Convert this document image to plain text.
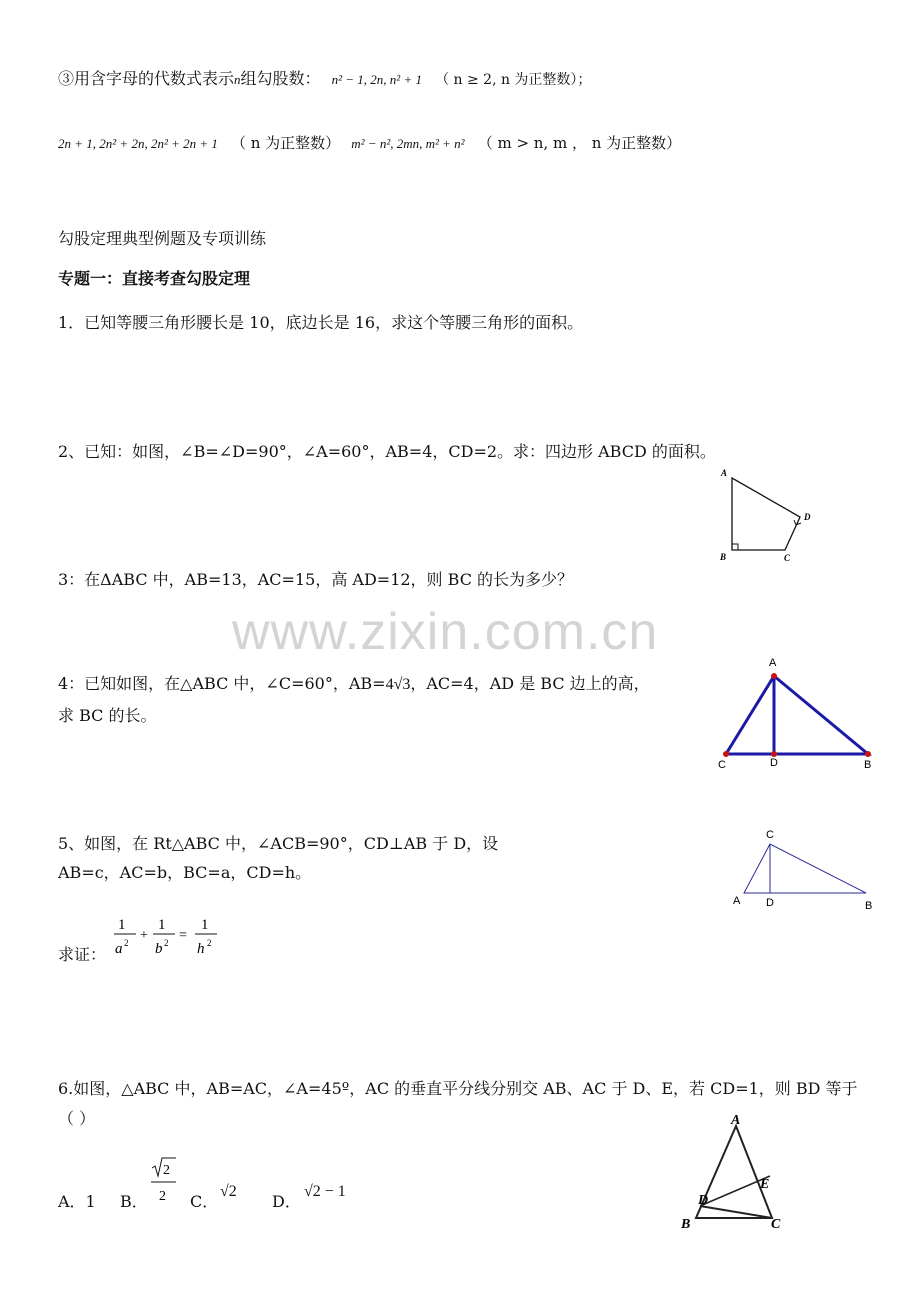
③用含字母的代数式表示n组勾股数： n² − 1, 2n, n² + 1 （ n ≥ 2, n 为正整数）；
2n + 1, 2n² + 2n, 2n² + 2n + 1 （ n 为正整数） m² − n², 2mn, m² + n² （ m > n, m ， n 为正整数）
勾股定理典型例题及专项训练
专题一：直接考查勾股定理
1．已知等腰三角形腰长是 10，底边长是 16，求这个等腰三角形的面积。
2、已知：如图，∠B=∠D=90°，∠A=60°，AB=4，CD=2。求：四边形 ABCD 的面积。
A
B	C
D
3：在ΔABC 中，AB=13，AC=15，高 AD=12，则 BC 的长为多少？
www.zixin.com.cn
4：已知如图，在△ABC 中，∠C=60°，AB=4√3，AC=4，AD 是 BC 边上的高，
求 BC 的长。
A
C	D	B
5、如图，在 Rt△ABC 中，∠ACB=90°，CD⊥AB 于 D，设
AB=c，AC=b，BC=a，CD=h。
求证：
1
a 2 +
1
b 2 =
1
h 2
C
A D	B
6.如图，△ABC 中，AB=AC，∠A=45º，AC 的垂直平分线分别交 AB、AC 于 D、E，若 CD=1，则 BD 等于
（ ）
A．1 B．
2
2 C．
√2
D．
√2 − 1
A
D
E
B	C
